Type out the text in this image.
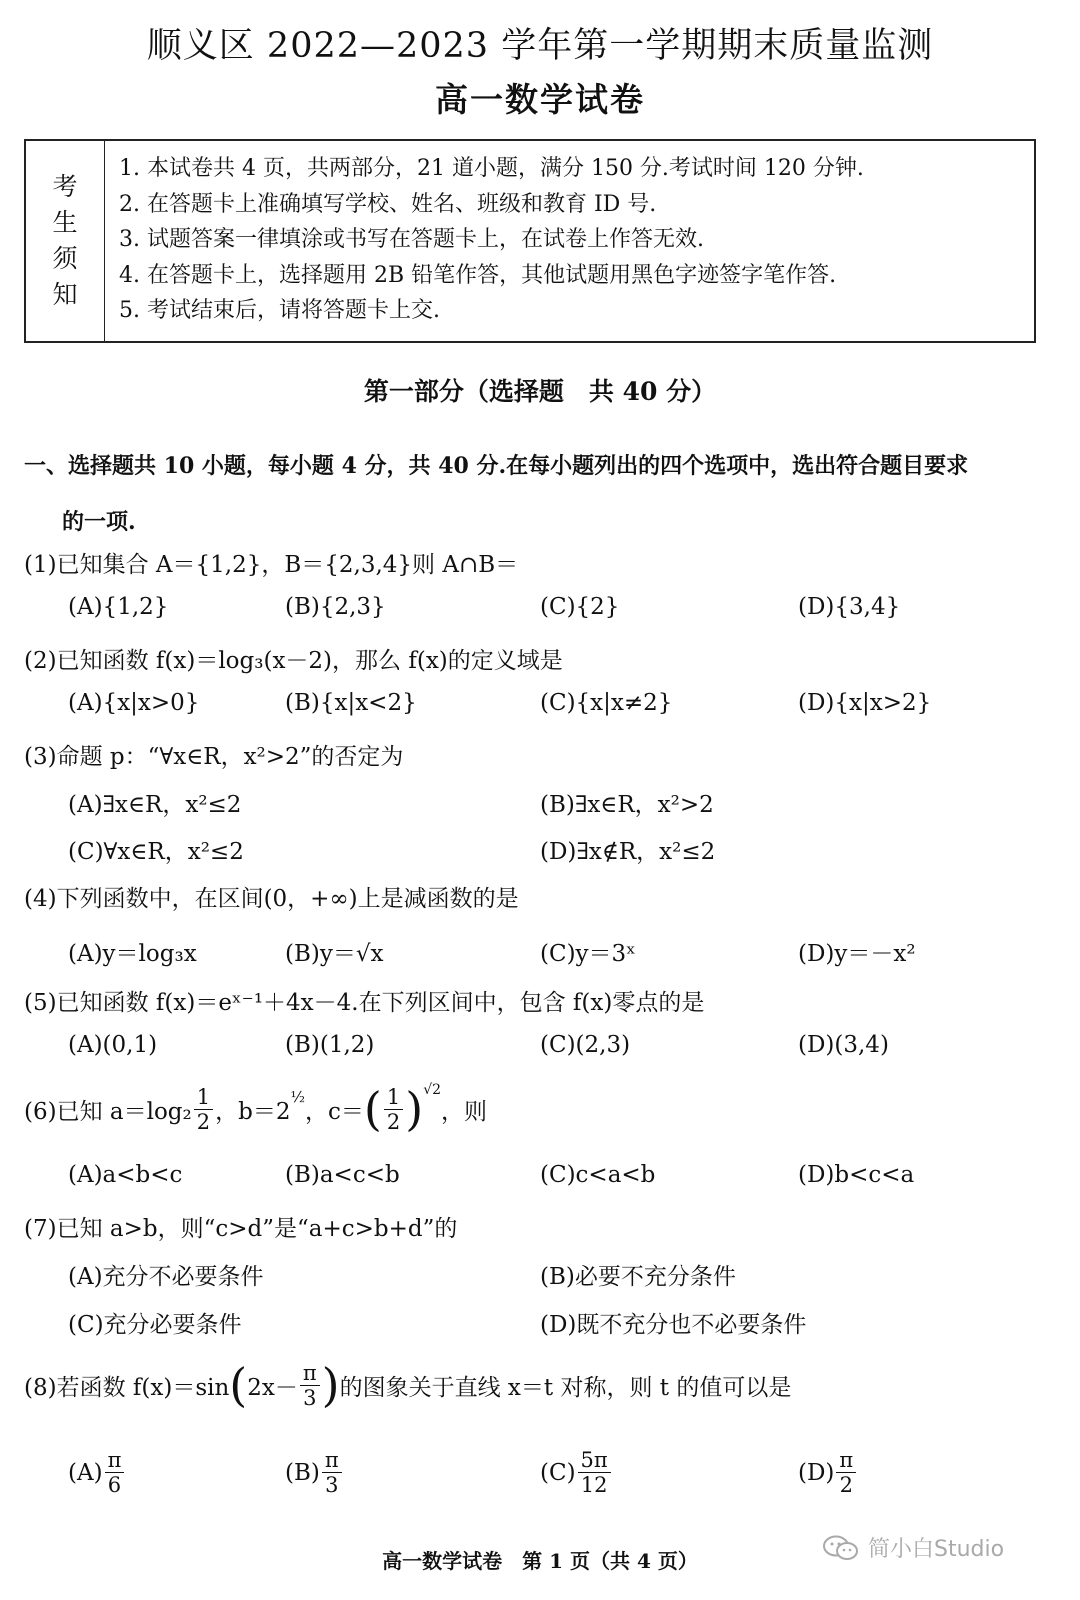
顺义区 2022—2023 学年第一学期期末质量监测
高一数学试卷
考
生
须
知
1. 本试卷共 4 页，共两部分，21 道小题，满分 150 分.考试时间 120 分钟.
2. 在答题卡上准确填写学校、姓名、班级和教育 ID 号.
3. 试题答案一律填涂或书写在答题卡上，在试卷上作答无效.
4. 在答题卡上，选择题用 2B 铅笔作答，其他试题用黑色字迹签字笔作答.
5. 考试结束后，请将答题卡上交.
第一部分（选择题　共 40 分）
一、选择题共 10 小题，每小题 4 分，共 40 分.在每小题列出的四个选项中，选出符合题目要求
的一项.
(1)已知集合 A＝{1,2}，B＝{2,3,4}则 A∩B＝
(A){1,2}	(B){2,3}	(C){2}	(D){3,4}
(2)已知函数 f(x)＝log₃(x－2)，那么 f(x)的定义域是
(A){x|x>0}	(B){x|x<2}	(C){x|x≠2}	(D){x|x>2}
(3)命题 p：“∀x∈R，x²>2”的否定为
(A)∃x∈R，x²≤2	(B)∃x∈R，x²>2
(C)∀x∈R，x²≤2	(D)∃x∉R，x²≤2
(4)下列函数中，在区间(0，+∞)上是减函数的是
(A)y＝log₃x	(B)y＝√x	(C)y＝3ˣ	(D)y＝－x²
(5)已知函数 f(x)＝eˣ⁻¹＋4x－4.在下列区间中，包含 f(x)零点的是
(A)(0,1)	(B)(1,2)	(C)(2,3)	(D)(3,4)
(6)已知 $a=\log_2 \frac{1}{2}$ ，b＝2
$^{\frac{1}{2}}$
，c＝ ( $\frac{1}{2} )^{√2}$
，则
(A)a<b<c	(B)a<c<b	(C)c<a<b	(D)b<c<a
(7)已知 a>b，则“c>d”是“a+c>b+d”的
(A)充分不必要条件	(B)必要不充分条件
(C)充分必要条件	(D)既不充分也不必要条件
(8)若函数 f(x)＝sin ( $2x- \frac{\pi}{3}$ ) 的图象关于直线 x＝t 对称，则 t 的值可以是
$(A) \frac{\pi}{6}$	$(B) \frac{\pi}{3}$	$(C) \frac{5\pi}{12}$	$(D) \frac{\pi}{2}$
高一数学试卷　第 1 页（共 4 页）	简小白Studio
